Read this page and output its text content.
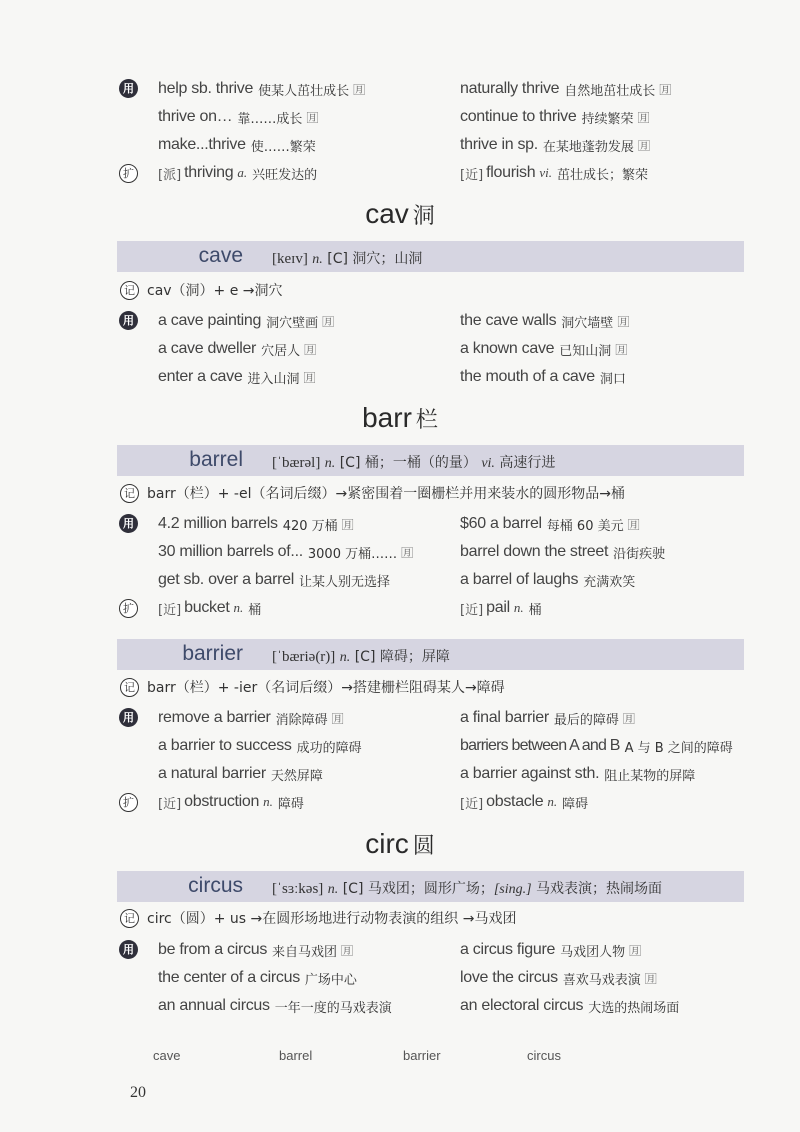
用 help sb. thrive 使某人茁壮成长 🈷	naturally thrive 自然地茁壮成长 🈷
thrive on… 靠……成长 🈷	continue to thrive 持续繁荣 🈷
make...thrive 使……繁荣	thrive in sp. 在某地蓬勃发展 🈷
扩	[派] thriving a. 兴旺发达的	[近] flourish vi. 茁壮成长；繁荣
cav 洞
cave [keɪv] n. [C] 洞穴；山洞
记 cav（洞）+ e →洞穴
用 a cave painting 洞穴壁画 🈷	the cave walls 洞穴墙壁 🈷
a cave dweller 穴居人 🈷	a known cave 已知山洞 🈷
enter a cave 进入山洞 🈷	the mouth of a cave 洞口
barr 栏
barrel [ˈbærəl] n. [C] 桶；一桶（的量） vi. 高速行进
记 barr（栏）+ -el（名词后缀）→紧密围着一圈栅栏并用来装水的圆形物品→桶
用 4.2 million barrels 420 万桶 🈷	$60 a barrel 每桶 60 美元 🈷
30 million barrels of... 3000 万桶…… 🈷	barrel down the street 沿街疾驶
get sb. over a barrel 让某人别无选择	a barrel of laughs 充满欢笑
扩	[近] bucket n. 桶	[近] pail n. 桶
barrier [ˈbæriə(r)] n. [C] 障碍；屏障
记 barr（栏）+ -ier（名词后缀）→搭建栅栏阻碍某人→障碍
用 remove a barrier 消除障碍 🈷	a final barrier 最后的障碍 🈷
a barrier to success 成功的障碍	barriers between A and B A 与 B 之间的障碍
a natural barrier 天然屏障	a barrier against sth. 阻止某物的屏障
扩	[近] obstruction n. 障碍	[近] obstacle n. 障碍
circ 圆
circus [ˈsɜːkəs] n. [C] 马戏团；圆形广场；[sing.] 马戏表演；热闹场面
记 circ（圆）+ us →在圆形场地进行动物表演的组织 →马戏团
用 be from a circus 来自马戏团 🈷	a circus figure 马戏团人物 🈷
the center of a circus 广场中心	love the circus 喜欢马戏表演 🈷
an annual circus 一年一度的马戏表演	an electoral circus 大选的热闹场面
cave	barrel	barrier	circus
20
